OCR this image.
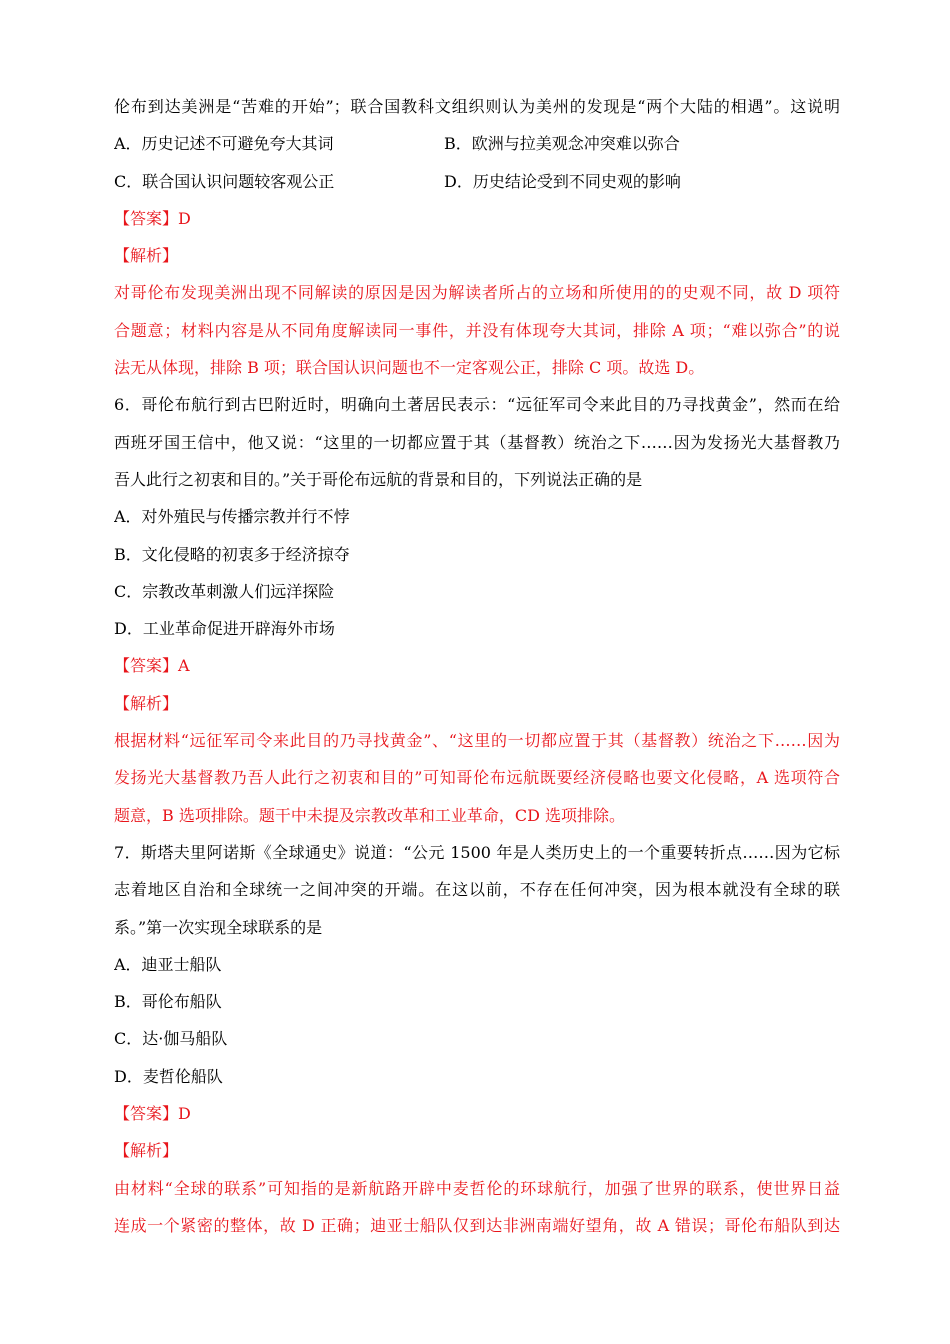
伦布到达美洲是“苦难的开始”；联合国教科文组织则认为美州的发现是“两个大陆的相遇”。这说明
A．历史记述不可避免夸大其词	B．欧洲与拉美观念冲突难以弥合
C．联合国认识问题较客观公正	D．历史结论受到不同史观的影响
【答案】D
【解析】
对哥伦布发现美洲出现不同解读的原因是因为解读者所占的立场和所使用的的史观不同，故 D 项符
合题意；材料内容是从不同角度解读同一事件，并没有体现夸大其词，排除 A 项；“难以弥合”的说
法无从体现，排除 B 项；联合国认识问题也不一定客观公正，排除 C 项。故选 D。
6．哥伦布航行到古巴附近时，明确向土著居民表示：“远征军司令来此目的乃寻找黄金”，然而在给
西班牙国王信中，他又说：“这里的一切都应置于其（基督教）统治之下……因为发扬光大基督教乃
吾人此行之初衷和目的。”关于哥伦布远航的背景和目的，下列说法正确的是
A．对外殖民与传播宗教并行不悖
B．文化侵略的初衷多于经济掠夺
C．宗教改革刺激人们远洋探险
D．工业革命促进开辟海外市场
【答案】A
【解析】
根据材料“远征军司令来此目的乃寻找黄金”、“这里的一切都应置于其（基督教）统治之下……因为
发扬光大基督教乃吾人此行之初衷和目的”可知哥伦布远航既要经济侵略也要文化侵略，A 选项符合
题意，B 选项排除。题干中未提及宗教改革和工业革命，CD 选项排除。
7．斯塔夫里阿诺斯《全球通史》说道：“公元 1500 年是人类历史上的一个重要转折点……因为它标
志着地区自治和全球统一之间冲突的开端。在这以前，不存在任何冲突，因为根本就没有全球的联
系。”第一次实现全球联系的是
A．迪亚士船队
B．哥伦布船队
C．达·伽马船队
D．麦哲伦船队
【答案】D
【解析】
由材料“全球的联系”可知指的是新航路开辟中麦哲伦的环球航行，加强了世界的联系，使世界日益
连成一个紧密的整体，故 D 正确；迪亚士船队仅到达非洲南端好望角，故 A 错误；哥伦布船队到达
